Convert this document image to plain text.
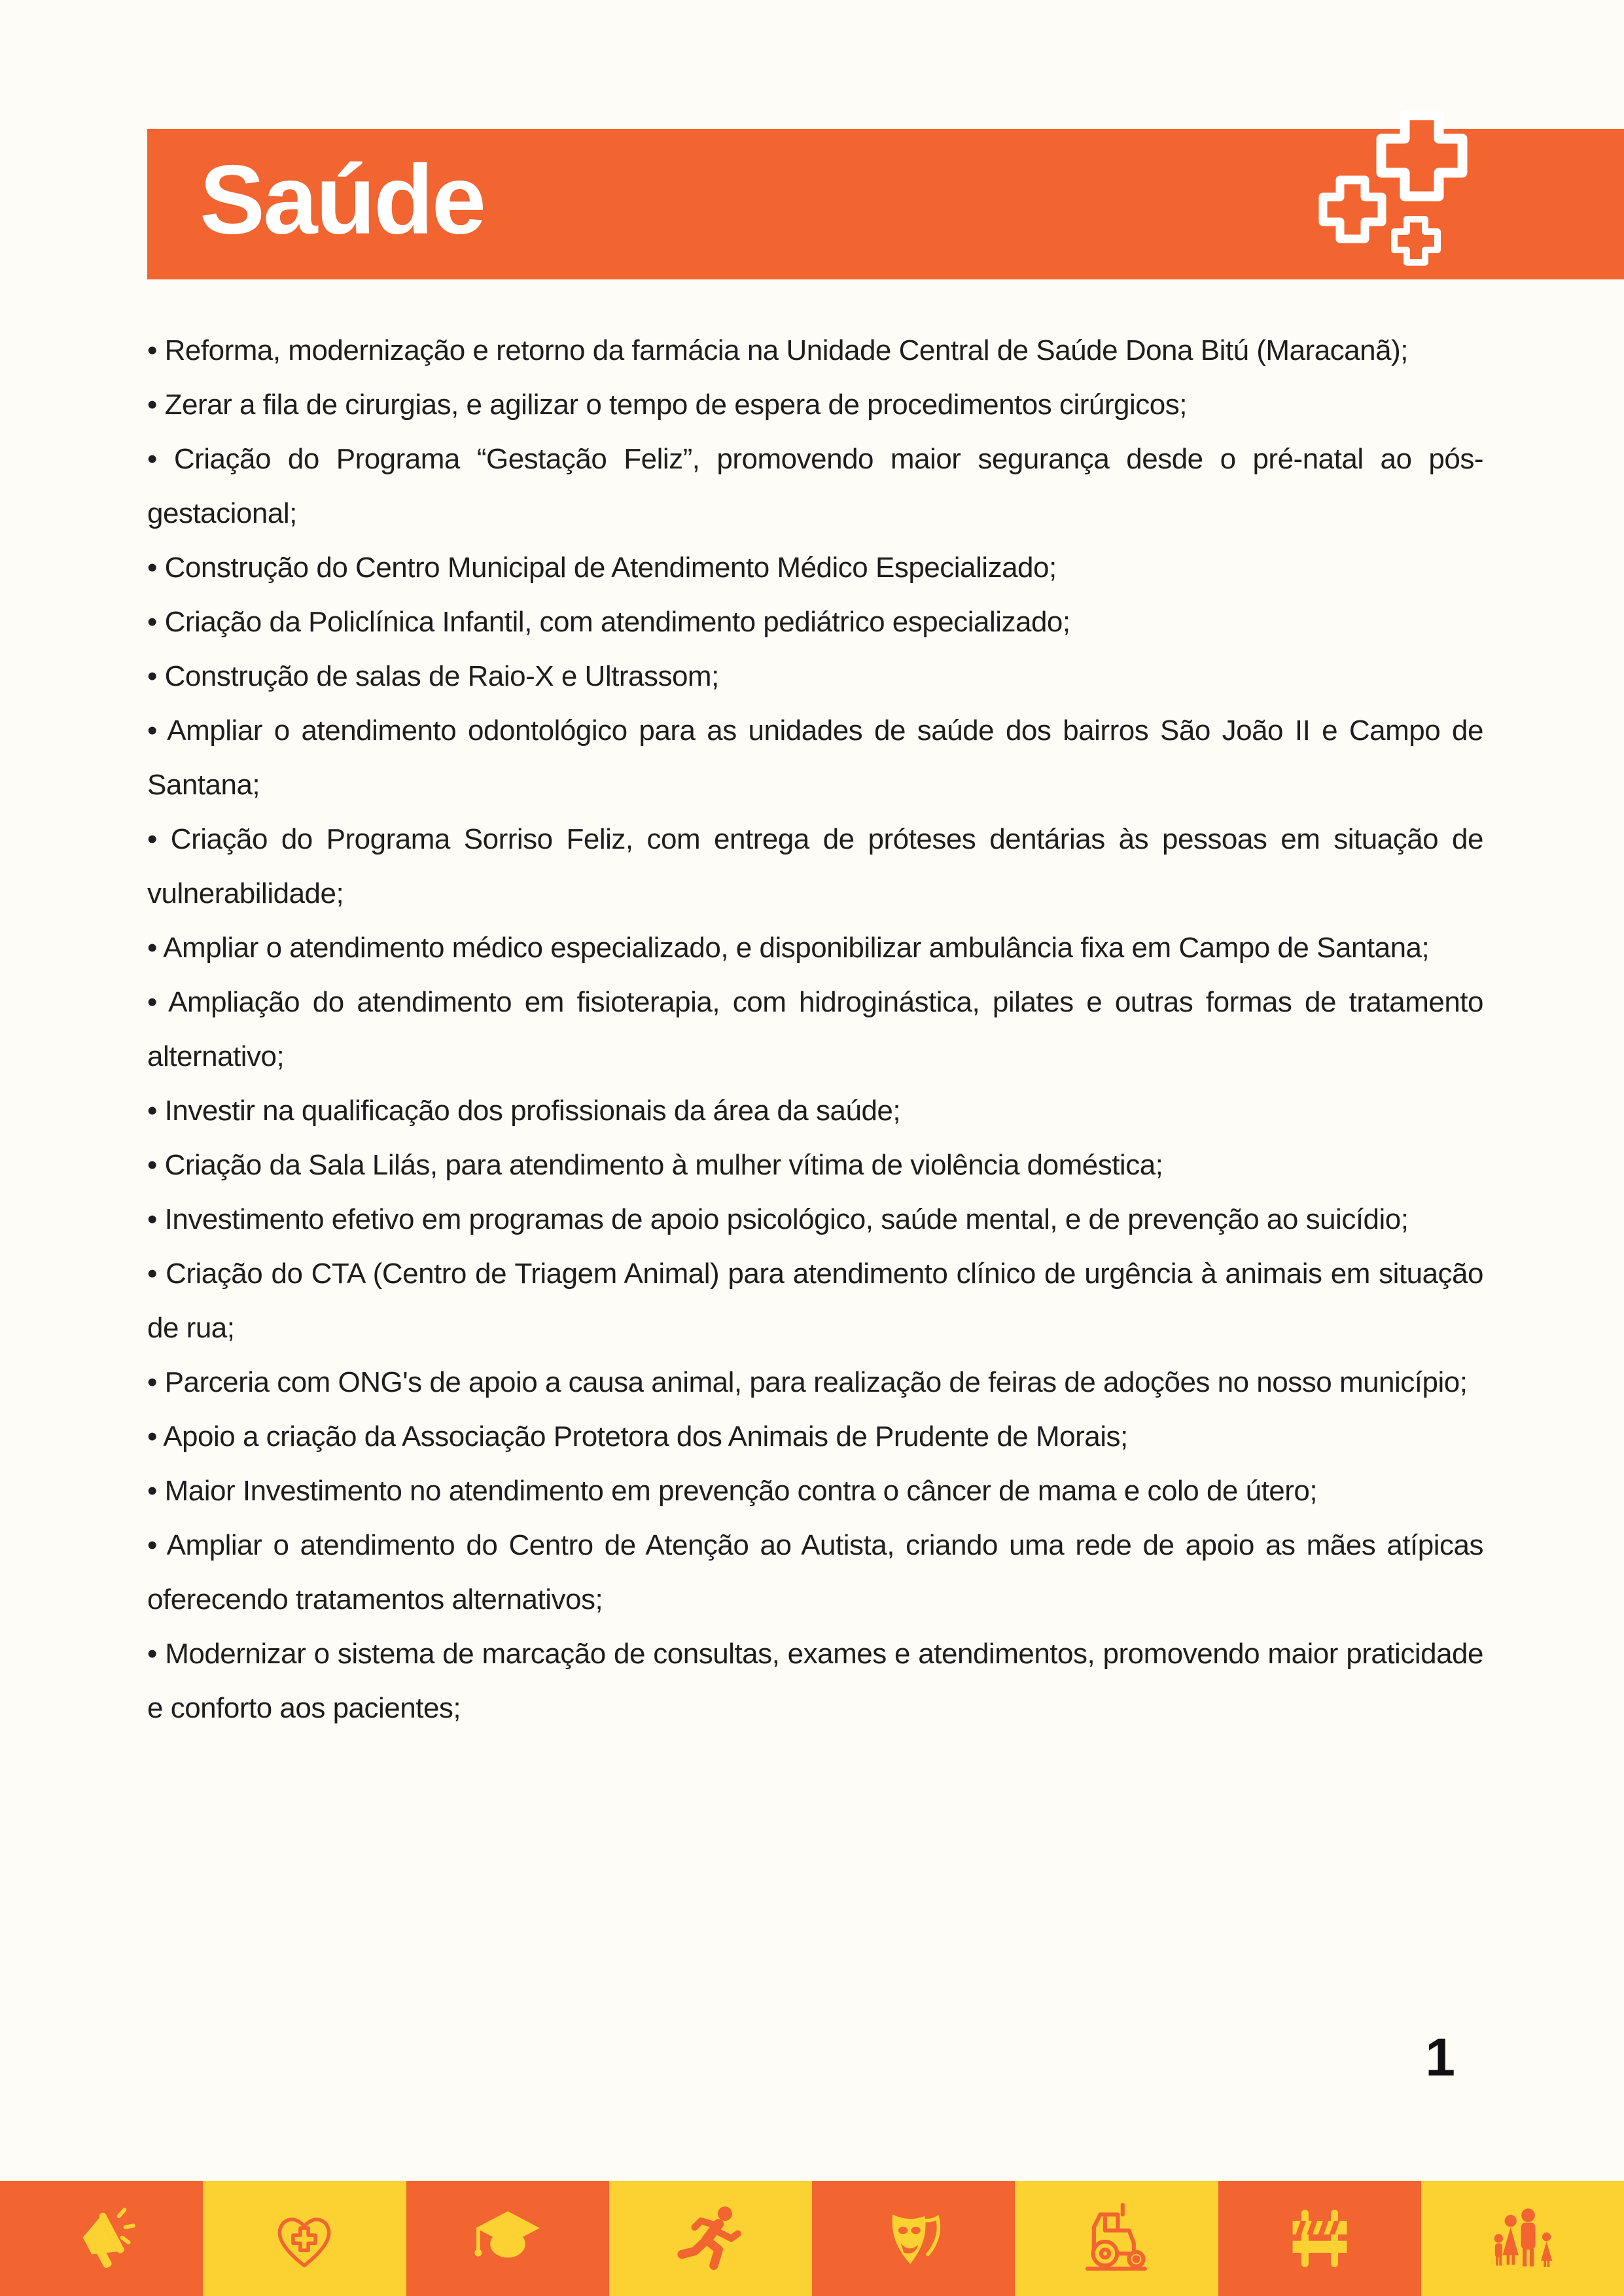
Saúde

• Reforma, modernização e retorno da farmácia na Unidade Central de Saúde Dona Bitú (Maracanã);

• Zerar a fila de cirurgias, e agilizar o tempo de espera de procedimentos cirúrgicos;

• Criação do Programa “Gestação Feliz”, promovendo maior segurança desde o pré-natal ao pós-gestacional;

• Construção do Centro Municipal de Atendimento Médico Especializado;

• Criação da Policlínica Infantil, com atendimento pediátrico especializado;

• Construção de salas de Raio-X e Ultrassom;

• Ampliar o atendimento odontológico para as unidades de saúde dos bairros São João II e Campo de Santana;

• Criação do Programa Sorriso Feliz, com entrega de próteses dentárias às pessoas em situação de vulnerabilidade;

• Ampliar o atendimento médico especializado, e disponibilizar ambulância fixa em Campo de Santana;

• Ampliação do atendimento em fisioterapia, com hidroginástica, pilates e outras formas de tratamento alternativo;

• Investir na qualificação dos profissionais da área da saúde;

• Criação da Sala Lilás, para atendimento à mulher vítima de violência doméstica;

• Investimento efetivo em programas de apoio psicológico, saúde mental, e de prevenção ao suicídio;

• Criação do CTA (Centro de Triagem Animal) para atendimento clínico de urgência à animais em situação de rua;

• Parceria com ONG's de apoio a causa animal, para realização de feiras de adoções no nosso município;

• Apoio a criação da Associação Protetora dos Animais de Prudente de Morais;

• Maior Investimento no atendimento em prevenção contra o câncer de mama e colo de útero;

• Ampliar o atendimento do Centro de Atenção ao Autista, criando uma rede de apoio as mães atípicas oferecendo tratamentos alternativos;

• Modernizar o sistema de marcação de consultas, exames e atendimentos, promovendo maior praticidade e conforto aos pacientes;

1
